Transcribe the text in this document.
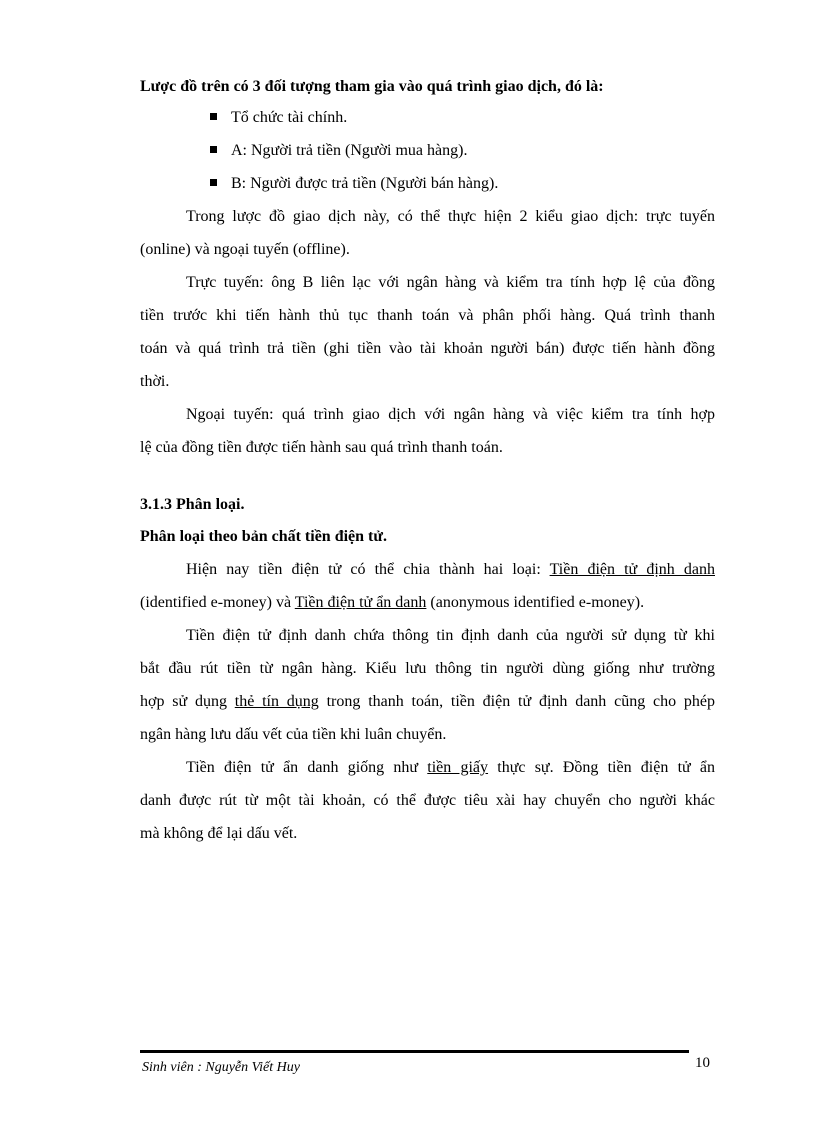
Lược đồ trên có 3 đối tượng tham gia vào quá trình giao dịch, đó là:
Tổ chức tài chính.
A: Người trả tiền (Người mua hàng).
B: Người được trả tiền (Người bán hàng).
Trong lược đồ giao dịch này, có thể thực hiện 2 kiểu giao dịch: trực tuyến
(online) và ngoại tuyến (offline).
Trực tuyến: ông B liên lạc với ngân hàng và kiểm tra tính hợp lệ của đồng
tiền trước khi tiến hành thủ tục thanh toán và phân phối hàng. Quá trình thanh
toán và quá trình trả tiền (ghi tiền vào tài khoản người bán) được tiến hành đồng
thời.
Ngoại tuyến: quá trình giao dịch với ngân hàng và việc kiểm tra tính hợp
lệ của đồng tiền được tiến hành sau quá trình thanh toán.
3.1.3 Phân loại.
Phân loại theo bản chất tiền điện tử.
Hiện nay tiền điện tử có thể chia thành hai loại: Tiền điện tử định danh
(identified e-money) và Tiền điện tử ẩn danh (anonymous identified e-money).
Tiền điện tử định danh chứa thông tin định danh của người sử dụng từ khi
bắt đầu rút tiền từ ngân hàng. Kiểu lưu thông tin người dùng giống như trường
hợp sử dụng thẻ tín dụng trong thanh toán, tiền điện tử định danh cũng cho phép
ngân hàng lưu dấu vết của tiền khi luân chuyển.
Tiền điện tử ẩn danh giống như tiền giấy thực sự. Đồng tiền điện tử ẩn
danh được rút từ một tài khoản, có thể được tiêu xài hay chuyển cho người khác
mà không để lại dấu vết.
Sinh viên : Nguyễn Viết Huy	10
